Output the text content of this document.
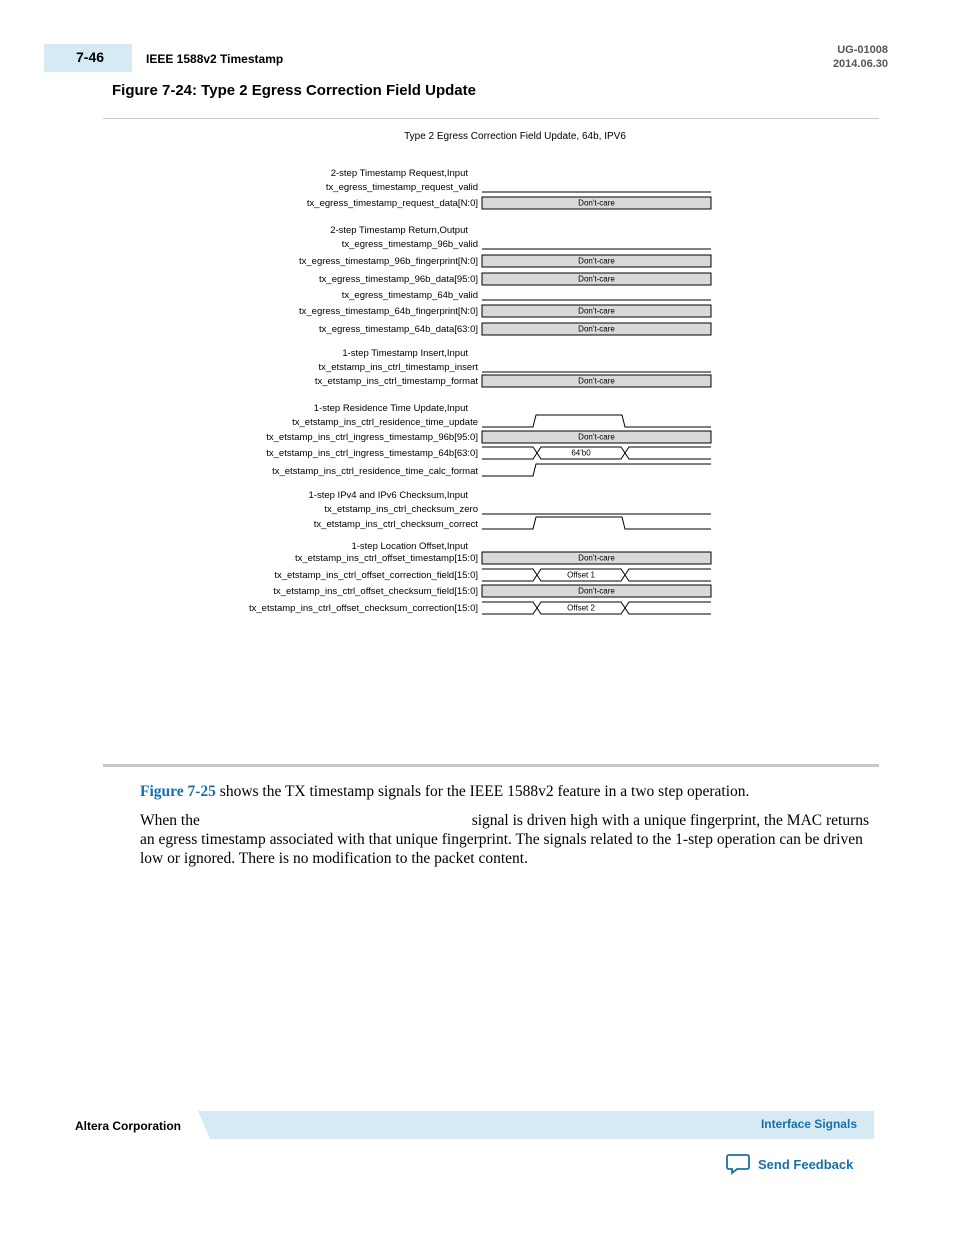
7-46	IEEE 1588v2 Timestamp
UG-01008
2014.06.30
Figure 7-24: Type 2 Egress Correction Field Update
Type 2 Egress Correction Field Update, 64b, IPV6
2-step Timestamp Request,Input
2-step Timestamp Return,Output
1-step Timestamp Insert,Input
1-step Residence Time Update,Input
1-step IPv4 and IPv6 Checksum,Input
1-step Location Offset,Input
tx_egress_timestamp_request_valid
tx_egress_timestamp_request_data[N:0]	Don't-care
tx_egress_timestamp_96b_valid
tx_egress_timestamp_96b_fingerprint[N:0]	Don't-care
tx_egress_timestamp_96b_data[95:0]	Don't-care
tx_egress_timestamp_64b_valid
tx_egress_timestamp_64b_fingerprint[N:0]	Don't-care
tx_egress_timestamp_64b_data[63:0]	Don't-care
tx_etstamp_ins_ctrl_timestamp_insert
tx_etstamp_ins_ctrl_timestamp_format	Don't-care
tx_etstamp_ins_ctrl_residence_time_update
tx_etstamp_ins_ctrl_ingress_timestamp_96b[95:0]	Don't-care
tx_etstamp_ins_ctrl_ingress_timestamp_64b[63:0]	64'b0
tx_etstamp_ins_ctrl_residence_time_calc_format
tx_etstamp_ins_ctrl_checksum_zero
tx_etstamp_ins_ctrl_checksum_correct
tx_etstamp_ins_ctrl_offset_timestamp[15:0]	Don't-care
tx_etstamp_ins_ctrl_offset_correction_field[15:0]	Offset 1
tx_etstamp_ins_ctrl_offset_checksum_field[15:0]	Don't-care
tx_etstamp_ins_ctrl_offset_checksum_correction[15:0]	Offset 2
Figure 7-25 shows the TX timestamp signals for the IEEE 1588v2 feature in a two step operation.
When the	signal is driven high with a unique fingerprint, the MAC returns an egress timestamp associated with that unique fingerprint. The signals related to the 1-step operation can be driven low or ignored. There is no modification to the packet content.
Altera Corporation	Interface Signals
Send Feedback
